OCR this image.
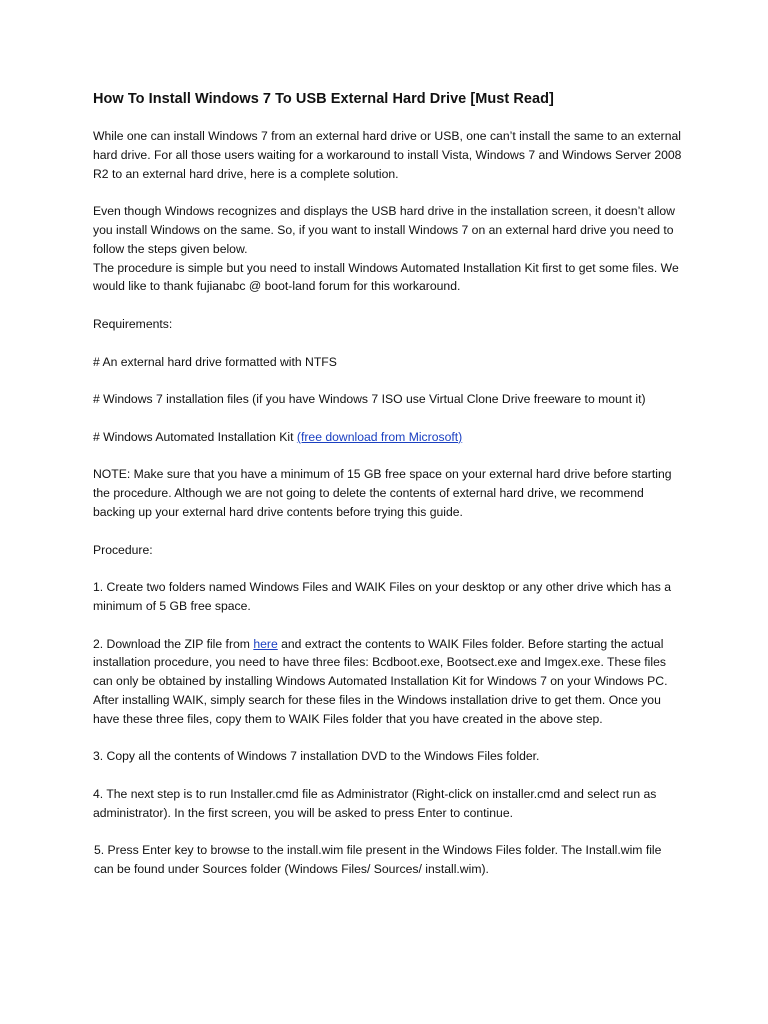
How To Install Windows 7 To USB External Hard Drive [Must Read]

While one can install Windows 7 from an external hard drive or USB, one can’t install the same to an external hard drive. For all those users waiting for a workaround to install Vista, Windows 7 and Windows Server 2008 R2 to an external hard drive, here is a complete solution.

Even though Windows recognizes and displays the USB hard drive in the installation screen, it doesn’t allow you install Windows on the same. So, if you want to install Windows 7 on an external hard drive you need to follow the steps given below.

The procedure is simple but you need to install Windows Automated Installation Kit first to get some files. We would like to thank fujianabc @ boot-land forum for this workaround.

Requirements:

# An external hard drive formatted with NTFS

# Windows 7 installation files (if you have Windows 7 ISO use Virtual Clone Drive freeware to mount it)

# Windows Automated Installation Kit (free download from Microsoft)

NOTE: Make sure that you have a minimum of 15 GB free space on your external hard drive before starting the procedure. Although we are not going to delete the contents of external hard drive, we recommend backing up your external hard drive contents before trying this guide.

Procedure:

1. Create two folders named Windows Files and WAIK Files on your desktop or any other drive which has a minimum of 5 GB free space.

2. Download the ZIP file from here and extract the contents to WAIK Files folder. Before starting the actual installation procedure, you need to have three files: Bcdboot.exe, Bootsect.exe and Imgex.exe. These files can only be obtained by installing Windows Automated Installation Kit for Windows 7 on your Windows PC. After installing WAIK, simply search for these files in the Windows installation drive to get them. Once you have these three files, copy them to WAIK Files folder that you have created in the above step.

3. Copy all the contents of Windows 7 installation DVD to the Windows Files folder.

4. The next step is to run Installer.cmd file as Administrator (Right-click on installer.cmd and select run as administrator). In the first screen, you will be asked to press Enter to continue.

5. Press Enter key to browse to the install.wim file present in the Windows Files folder. The Install.wim file can be found under Sources folder (Windows Files/ Sources/ install.wim).
